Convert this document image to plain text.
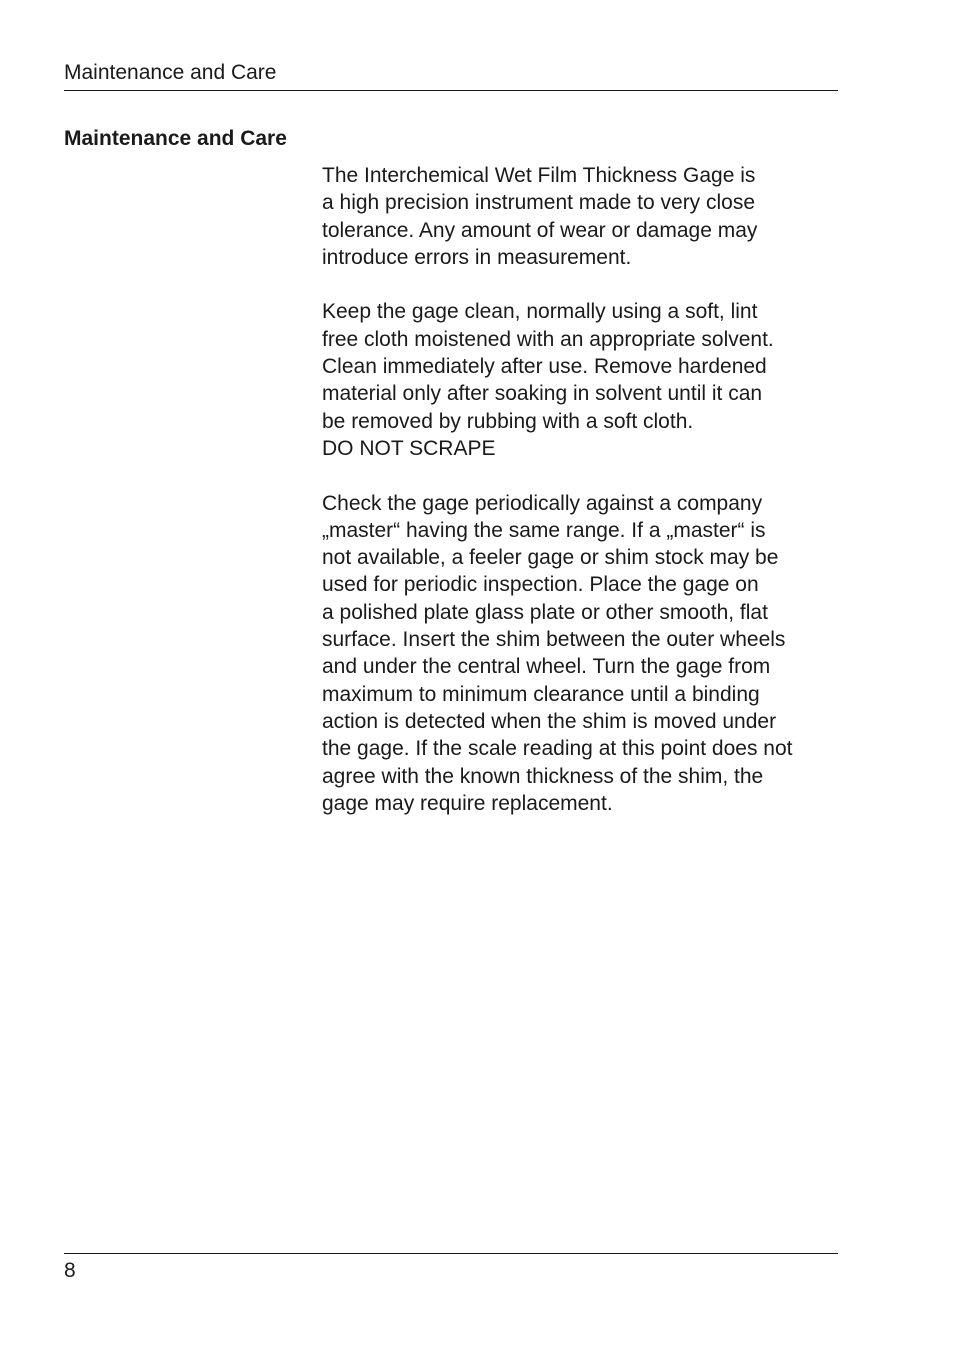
Maintenance and Care
Maintenance and Care

The Interchemical Wet Film Thickness Gage is
a high precision instrument made to very close
tolerance. Any amount of wear or damage may
introduce errors in measurement.

Keep the gage clean, normally using a soft, lint
free cloth moistened with an appropriate solvent.
Clean immediately after use. Remove hardened
material only after soaking in solvent until it can
be removed by rubbing with a soft cloth.
DO NOT SCRAPE

Check the gage periodically against a company
„master“ having the same range. If a „master“ is
not available, a feeler gage or shim stock may be
used for periodic inspection. Place the gage on
a polished plate glass plate or other smooth, flat
surface. Insert the shim between the outer wheels
and under the central wheel. Turn the gage from
maximum to minimum clearance until a binding
action is detected when the shim is moved under
the gage. If the scale reading at this point does not
agree with the known thickness of the shim, the
gage may require replacement.

8
